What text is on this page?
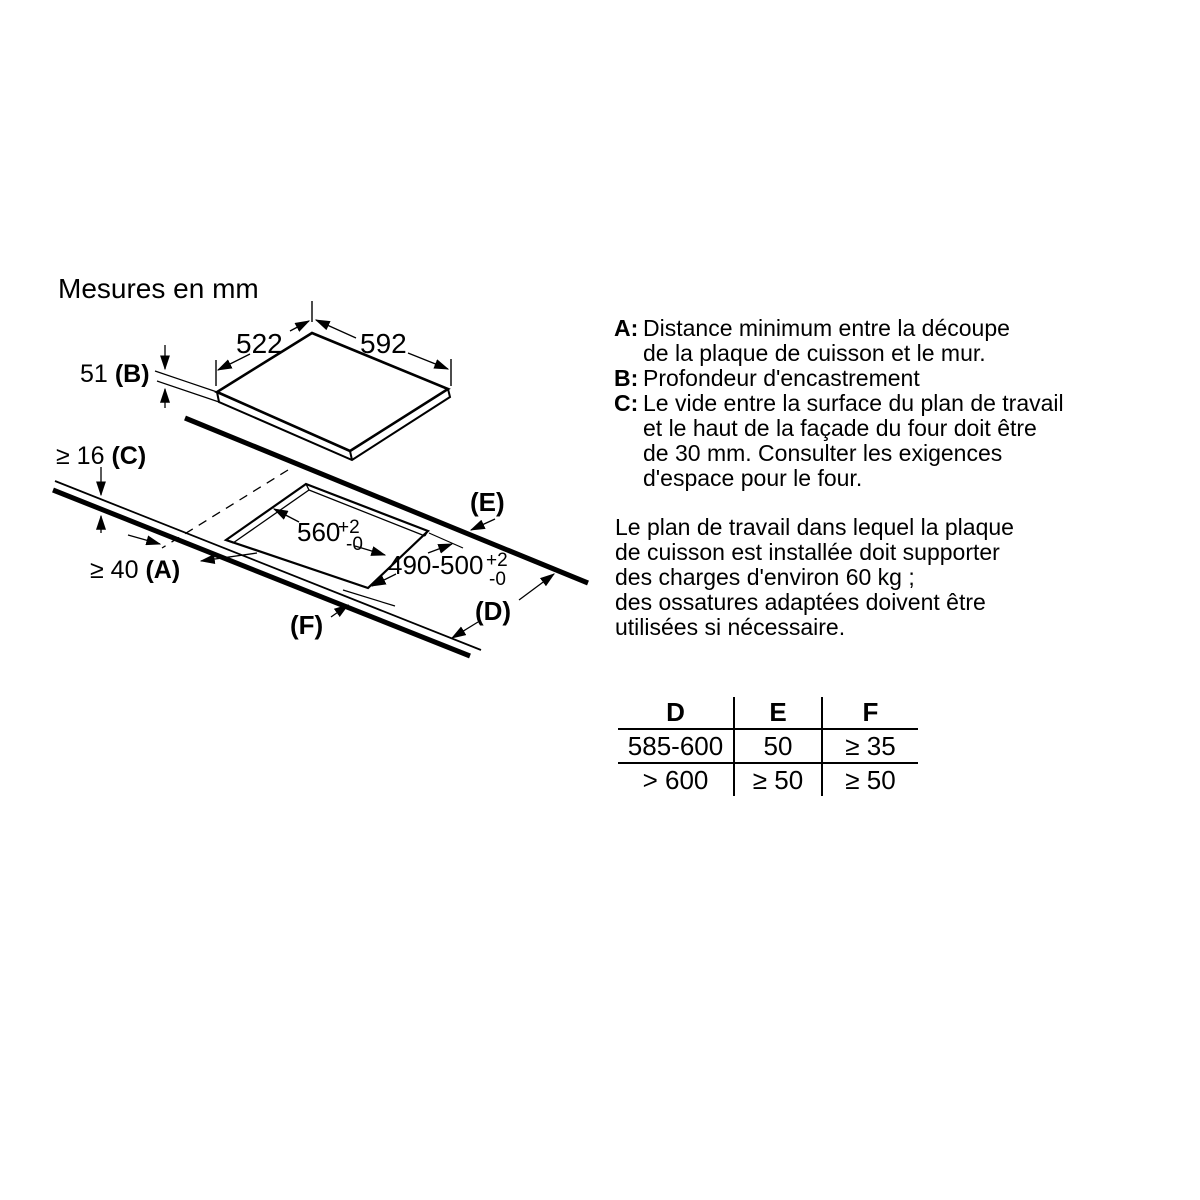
522	592
51 (B)
≥ 16 (C)
≥ 40 (A)
560
+2
-0
490-500 +2
-0
(E)
(F)	(D)
Mesures en mm
A: Distance minimum entre la découpe
de la plaque de cuisson et le mur.
B: Profondeur d'encastrement
C: Le vide entre la surface du plan de travail
et le haut de la façade du four doit être
de 30 mm. Consulter les exigences
d'espace pour le four.
Le plan de travail dans lequel la plaque
de cuisson est installée doit supporter
des charges d'environ 60 kg ;
des ossatures adaptées doivent être
utilisées si nécessaire.
D	E	F
585-600	50	≥ 35
> 600	≥ 50	≥ 50
